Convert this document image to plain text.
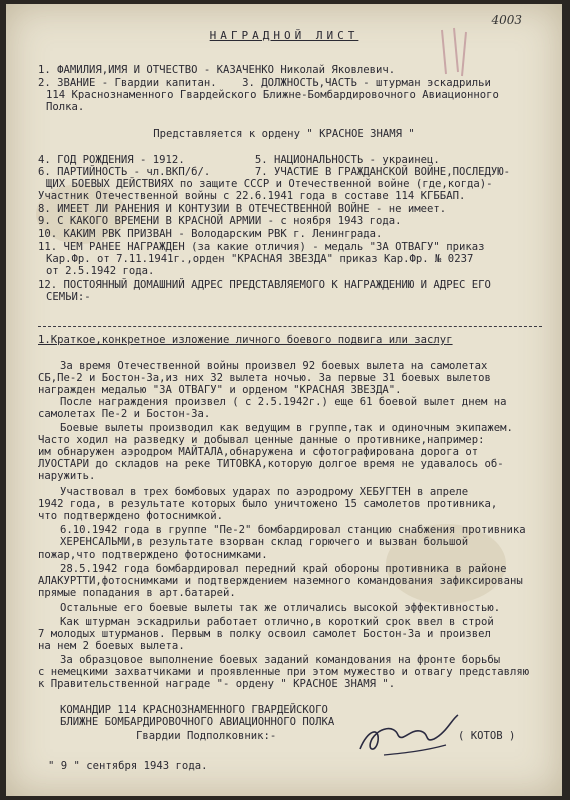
4003
НАГРАДНОЙ ЛИСТ
1. ФАМИЛИЯ,ИМЯ И ОТЧЕСТВО - КАЗАЧЕНКО Николай Яковлевич.
2. ЗВАНИЕ - Гвардии капитан.    3. ДОЛЖНОСТЬ,ЧАСТЬ - штурман эскадрильи
114 Краснознаменного Гвардейского Ближне-Бомбардировочного Авиационного
Полка.
Представляется к ордену " КРАСНОЕ ЗНАМЯ "
4. ГОД РОЖДЕНИЯ - 1912.           5. НАЦИОНАЛЬНОСТЬ - украинец.
6. ПАРТИЙНОСТЬ - чл.ВКП/б/.       7. УЧАСТИЕ В ГРАЖДАНСКОЙ ВОЙНЕ,ПОСЛЕДУЮ-
ЩИХ БОЕВЫХ ДЕЙСТВИЯХ по защите СССР и Отечественной войне (где,когда)-
Участник Отечественной войны с 22.6.1941 года в составе 114 КГББАП.
8. ИМЕЕТ ЛИ РАНЕНИЯ И КОНТУЗИИ В ОТЕЧЕСТВЕННОЙ ВОЙНЕ - не имеет.
9. С КАКОГО ВРЕМЕНИ В КРАСНОЙ АРМИИ - с ноября 1943 года.
10. КАКИМ РВК ПРИЗВАН - Володарским РВК г. Ленинграда.
11. ЧЕМ РАНЕЕ НАГРАЖДЕН (за какие отличия) - медаль "ЗА ОТВАГУ" приказ
Кар.Фр. от 7.11.1941г.,орден "КРАСНАЯ ЗВЕЗДА" приказ Кар.Фр. № 0237
от 2.5.1942 года.
12. ПОСТОЯННЫЙ ДОМАШНИЙ АДРЕС ПРЕДСТАВЛЯЕМОГО К НАГРАЖДЕНИЮ И АДРЕС ЕГО
СЕМЬИ:-
1.Краткое,конкретное изложение личного боевого подвига или заслуг
За время Отечественной войны произвел 92 боевых вылета на самолетах
СБ,Пе-2 и Бостон-3а,из них 32 вылета ночью. За первые 31 боевых вылетов
награжден медалью "ЗА ОТВАГУ" и орденом "КРАСНАЯ ЗВЕЗДА".
После награждения произвел ( с 2.5.1942г.) еще 61 боевой вылет днем на
самолетах Пе-2 и Бостон-3а.
Боевые вылеты производил как ведущим в группе,так и одиночным экипажем.
Часто ходил на разведку и добывал ценные данные о противнике,например:
им обнаружен аэродром МАЙТАЛА,обнаружена и сфотографирована дорога от
ЛУОСТАРИ до складов на реке ТИТОВКА,которую долгое время не удавалось об-
наружить.
Участвовал в трех бомбовых ударах по аэродрому ХЕБУГТЕН в апреле
1942 года, в результате которых было уничтожено 15 самолетов противника,
что подтверждено фотоснимкой.
6.10.1942 года в группе "Пе-2" бомбардировал станцию снабжения противника ХЕРЕНСАЛЬМИ,в результате взорван склад горючего и вызван большой
пожар,что подтверждено фотоснимками.
28.5.1942 года бомбардировал передний край обороны противника в районе
АЛАКУРТТИ,фотоснимками и подтверждением наземного командования зафиксированы прямые попадания в арт.батарей.
Остальные его боевые вылеты так же отличались высокой эффективностью.
Как штурман эскадрильи работает отлично,в короткий срок ввел в строй
7 молодых штурманов. Первым в полку освоил самолет Бостон-3а и произвел
на нем 2 боевых вылета.
За образцовое выполнение боевых заданий командования на фронте борьбы
с немецкими захватчиками и проявленные при этом мужество и отвагу представляю к Правительственной награде "- ордену " КРАСНОЕ ЗНАМЯ ".
КОМАНДИР 114 КРАСНОЗНАМЕННОГО ГВАРДЕЙСКОГО
БЛИЖНЕ БОМБАРДИРОВОЧНОГО АВИАЦИОННОГО ПОЛКА
Гвардии Подполковник:-	( КОТОВ )
" 9 " сентября 1943 года.
